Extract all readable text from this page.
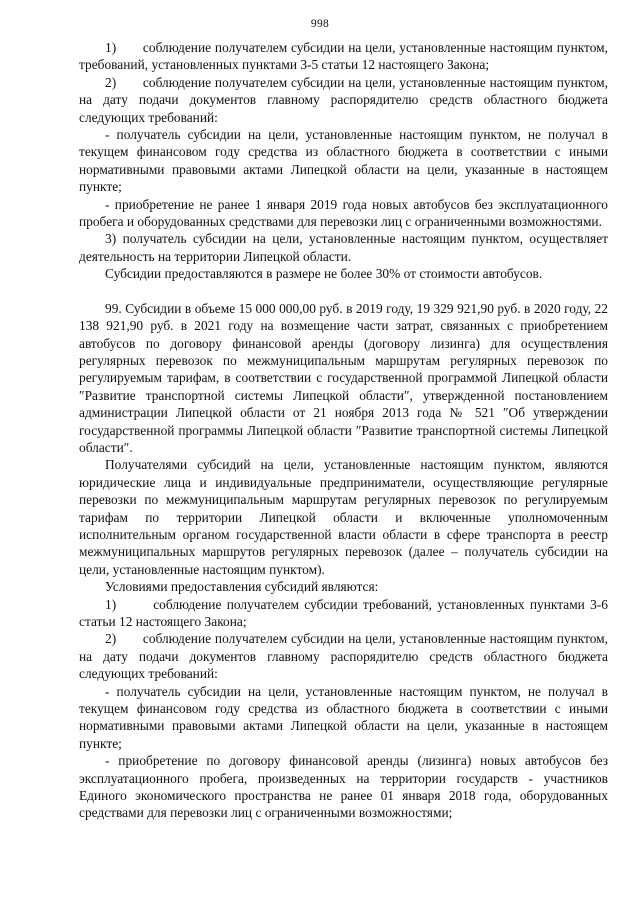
998

1)       соблюдение получателем субсидии на цели, установленные настоящим пунктом, требований, установленных пунктами 3-5 статьи 12 настоящего Закона;

2)       соблюдение получателем субсидии на цели, установленные настоящим пунктом, на дату подачи документов главному распорядителю средств областного бюджета следующих требований:

- получатель субсидии на цели, установленные настоящим пунктом, не получал в текущем финансовом году средства из областного бюджета в соответствии с иными нормативными правовыми актами Липецкой области на цели, указанные в настоящем пункте;

- приобретение не ранее 1 января 2019 года новых автобусов без эксплуатационного пробега и оборудованных средствами для перевозки лиц с ограниченными возможностями.

3) получатель субсидии на цели, установленные настоящим пунктом, осуществляет деятельность на территории Липецкой области.

Субсидии предоставляются в размере не более 30% от стоимости автобусов.

99. Субсидии в объеме 15 000 000,00 руб. в 2019 году, 19 329 921,90 руб. в 2020 году, 22 138 921,90 руб. в 2021 году на возмещение части затрат, связанных с приобретением автобусов по договору финансовой аренды (договору лизинга) для осуществления регулярных перевозок по межмуниципальным маршрутам регулярных перевозок по регулируемым тарифам, в соответствии с государственной программой Липецкой области ″Развитие транспортной системы Липецкой области″, утвержденной постановлением администрации Липецкой области от 21 ноября 2013 года № 521 ″Об утверждении государственной программы Липецкой области ″Развитие транспортной системы Липецкой области″.

Получателями субсидий на цели, установленные настоящим пунктом, являются юридические лица и индивидуальные предприниматели, осуществляющие регулярные перевозки по межмуниципальным маршрутам регулярных перевозок по регулируемым тарифам по территории Липецкой области и включенные уполномоченным исполнительным органом государственной власти области в сфере транспорта в реестр межмуниципальных маршрутов регулярных перевозок (далее – получатель субсидии на цели, установленные настоящим пунктом).

Условиями предоставления субсидий являются:

1)       соблюдение получателем субсидии требований, установленных пунктами 3-6 статьи 12 настоящего Закона;

2)       соблюдение получателем субсидии на цели, установленные настоящим пунктом, на дату подачи документов главному распорядителю средств областного бюджета следующих требований:

- получатель субсидии на цели, установленные настоящим пунктом, не получал в текущем финансовом году средства из областного бюджета в соответствии с иными нормативными правовыми актами Липецкой области на цели, указанные в настоящем пункте;

- приобретение по договору финансовой аренды (лизинга) новых автобусов без эксплуатационного пробега, произведенных на территории государств - участников Единого экономического пространства не ранее 01 января 2018 года, оборудованных средствами для перевозки лиц с ограниченными возможностями;
